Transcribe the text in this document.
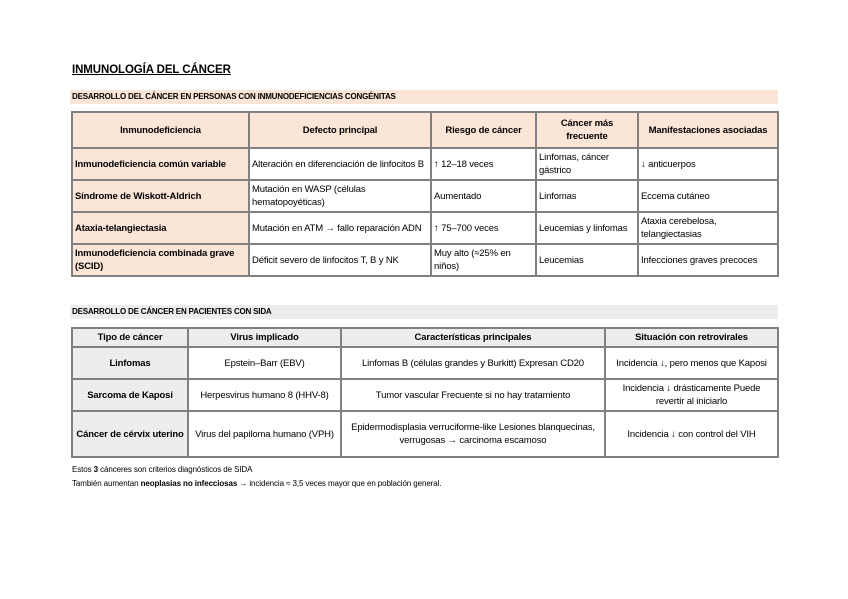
INMUNOLOGÍA DEL CÁNCER
DESARROLLO DEL CÁNCER EN PERSONAS CON INMUNODEFICIENCIAS CONGÉNITAS
Inmunodeficiencia	Defecto principal	Riesgo de cáncer	Cáncer más frecuente	Manifestaciones asociadas
Inmunodeficiencia común variable	Alteración en diferenciación de linfocitos B	↑ 12–18 veces	Linfomas, cáncer gástrico	↓ anticuerpos
Síndrome de Wiskott-Aldrich	Mutación en WASP (células hematopoyéticas)	Aumentado	Linfomas	Eccema cutáneo
Ataxia-telangiectasia	Mutación en ATM → fallo reparación ADN	↑ 75–700 veces	Leucemias y linfomas	Ataxia cerebelosa, telangiectasias
Inmunodeficiencia combinada grave (SCID)	Déficit severo de linfocitos T, B y NK	Muy alto (≈25% en niños)	Leucemias	Infecciones graves precoces
DESARROLLO DE CÁNCER EN PACIENTES CON SIDA
Tipo de cáncer	Virus implicado	Características principales	Situación con retrovirales
Linfomas	Epstein–Barr (EBV)	Linfomas B (células grandes y Burkitt) Expresan CD20	Incidencia ↓, pero menos que Kaposi
Sarcoma de Kaposi	Herpesvirus humano 8 (HHV-8)	Tumor vascular Frecuente si no hay tratamiento	Incidencia ↓ drásticamente Puede revertir al iniciarlo
Cáncer de cérvix uterino	Virus del papiloma humano (VPH)	Epidermodisplasia verruciforme-like Lesiones blanquecinas, verrugosas → carcinoma escamoso	Incidencia ↓ con control del VIH
Estos 3 cánceres son criterios diagnósticos de SIDA
También aumentan neoplasias no infecciosas → incidencia ≈ 3,5 veces mayor que en población general.
